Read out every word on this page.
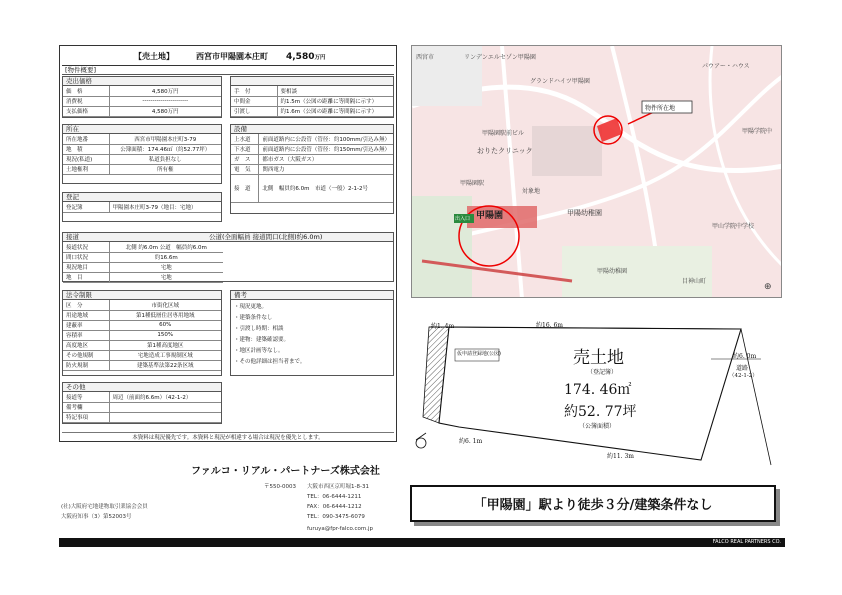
【売土地】	西宮市甲陽園本庄町 4,580万円
[物件概要]
売出価格
価　格	4,580万円
消費税	-----------------------
支払価格	4,580万円
手　付	要相談
中間金	約1.5m（公図の距離に等間隔に示す）
引渡し	約1.6m（公図の距離に等間隔に示す）
所在
所在地番	西宮市甲陽園本庄町3-79
地　積	公簿面積：174.46㎡（約52.77坪）
現況(私道)	私道負担なし
土地権利	所有権
設備
上水道	前面道路内に公設管（管径：約100mm/引込み無）
下水道	前面道路内に公設管（管径：約150mm/引込み無）
ガ　ス	都市ガス（大阪ガス）
電　気	関西電力
接　道	北側　幅員約6.0m　市道（一般）2-1-2号
登記
登記簿	甲陽園本庄町3-79（地目：宅地）
接道	公道(全面幅員 接道間口(北側)約6.0m)
接道状況	北側 約6.0m 公道　幅員約6.0m
間口状況	約16.6m
現況地目	宅地
地　目	宅地
法令制限
区　分	市街化区域
用途地域	第1種低層住居専用地域
建蔽率	60%
容積率	150%
高度地区	第1種高度地区
その他規制	宅地造成工事規制区域
防火規制	建築基準法第22条区域
備考
・現況更地。
・建築条件なし
・引渡し時期：相談
・建物：建築確認要。
・地区計画等なし。
・その他詳細は担当者まで。
その他
接道等	周辺（前面約6.6m）（42-1-2）
備考欄	
特記事項	
本資料は現況優先です。本資料と現況が相違する場合は現況を優先とします。
リンデンエルセゾン甲陽園
グランドハイツ甲陽園
パウアー・ハウス
甲陽園駅前ビル
おりたクリニック
甲陽園駅
甲陽幼稚園
甲陽園
甲陽学院中
甲山学院中学校
甲陽幼稚園
目神山町
対象地
西宮市
物件所在地
出入口
⊕
約1. 4m	約16. 6m
約6. 0m
道路
（42-1-2）
売土地
（登記簿）
174. 46㎡
約52. 77坪
（公簿面積）
約6. 1m
約11. 3m
仮申請登録地(公図)
ファルコ・リアル・パートナーズ株式会社
〒550-0003 大阪市西区京町堀1-8-31
TEL：06-6444-1211
FAX：06-6444-1212
TEL：090-3475-6079
furuya@fpr-falco.com.jp
(社)大阪府宅地建物取引業協会会員
大阪府知事（3）第52003号
「甲陽園」駅より徒歩３分/建築条件なし
FALCO REAL PARTNERS CO.
